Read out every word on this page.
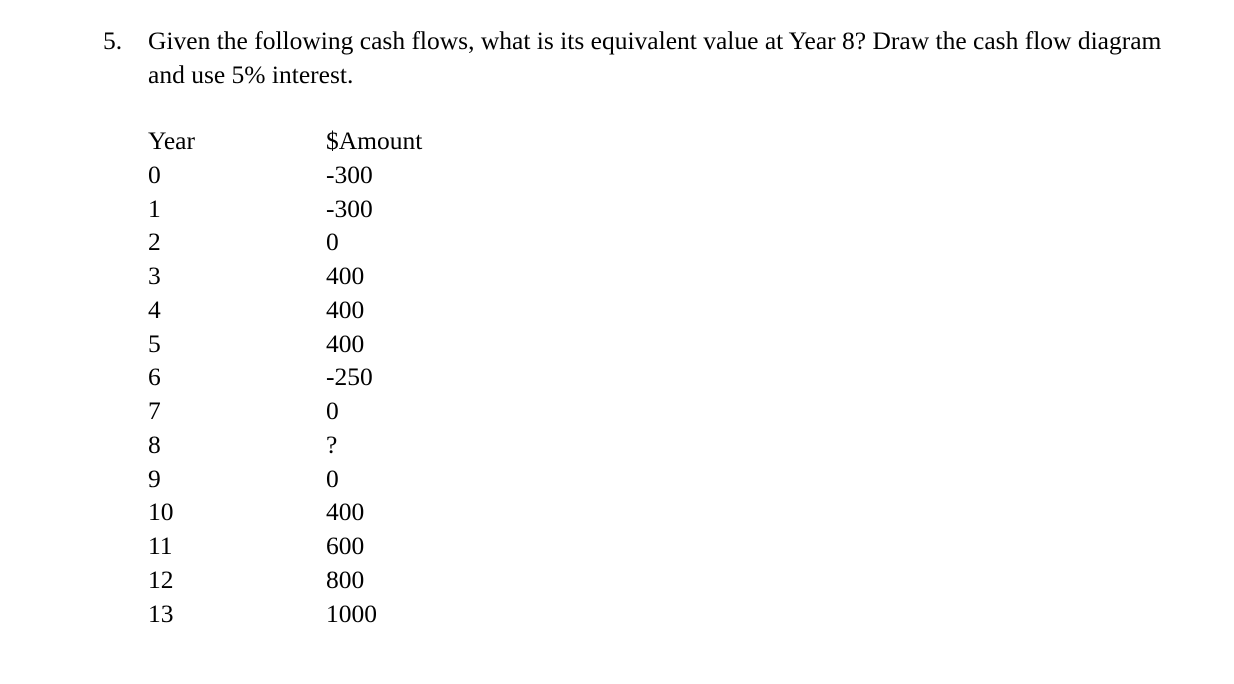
5. Given the following cash flows, what is its equivalent value at Year 8? Draw the cash flow diagram and use 5% interest.
Year	$Amount
0	-300
1	-300
2	0
3	400
4	400
5	400
6	-250
7	0
8	?
9	0
10	400
11	600
12	800
13	1000
